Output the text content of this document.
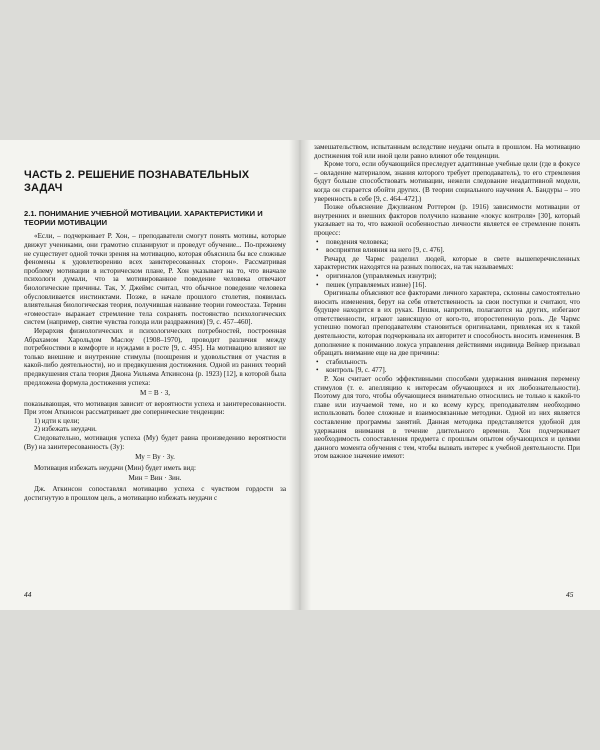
ЧАСТЬ 2. РЕШЕНИЕ ПОЗНАВАТЕЛЬНЫХ ЗАДАЧ
2.1. ПОНИМАНИЕ УЧЕБНОЙ МОТИВАЦИИ. ХАРАКТЕРИСТИКИ И ТЕОРИИ МОТИВАЦИИ

«Если, – подчеркивает Р. Хон, – преподаватели смогут понять мотивы, которые движут учениками, они грамотно спланируют и проведут обучение... По-прежнему не существует одной точки зрения на мотивацию, которая объяснила бы все сложные феномены к удовлетворению всех заинтересованных сторон». Рассматривая проблему мотивации в историческом плане, Р. Хон указывает на то, что вначале психологи думали, что за мотивированное поведение человека отвечают биологические причины. Так, У. Джеймс считал, что обычное поведение человека обусловливается инстинктами. Позже, в начале прошлого столетия, появилась влиятельная биологическая теория, получившая название теории гомеостаза. Термин «гомеостаз» выражает стремление тела сохранять постоянство психологических систем (например, снятие чувства голода или раздражения) [9, с. 457–460].

Иерархия физиологических и психологических потребностей, построенная Абрахамом Харольдом Маслоу (1908–1970), проводит различия между потребностями в комфорте и нуждами в росте [9, с. 495]. На мотивацию влияют не только внешние и внутренние стимулы (поощрения и удовольствия от участия в какой-либо деятельности), но и предвкушения достижения. Одной из ранних теорий предвкушения стала теория Джона Уильяма Аткинсона (р. 1923) [12], в которой была предложена формула достижения успеха:

М = В · З,

показывающая, что мотивация зависит от вероятности успеха и заинтересованности. При этом Аткинсон рассматривает две сопернические тенденции:

1) идти к цели;

2) избежать неудачи.

Следовательно, мотивация успеха (Му) будет равна произведению вероятности (Ву) на заинтересованность (Зу):

Му = Ву · Зу.

Мотивация избежать неудачи (Мин) будет иметь вид:

Мин = Вин · Зин.

Дж. Аткинсон сопоставлял мотивацию успеха с чувством гордости за достигнутую в прошлом цель, а мотивацию избежать неудачи с

44

замешательством, испытанным вследствие неудачи опыта в прошлом. На мотивацию достижения той или иной цели равно влияют обе тенденции.

Кроме того, если обучающийся преследует адаптивные учебные цели (где в фокусе – овладение материалом, знания которого требует преподаватель), то его стремления будут больше способствовать мотивации, нежели следование неадаптивной модели, когда он старается обойти других. (В теории социального научения А. Бандуры – это уверенность в себе [9, с. 464–472].)

Позже объяснение Джулианом Роттером (р. 1916) зависимости мотивации от внутренних и внешних факторов получило название «локус контроля» [30], который указывает на то, что важной особенностью личности является ее стремление понять процесс:

• поведения человека;
• восприятия влияния на него [9, с. 476].

Ричард де Чармс разделил людей, которые в свете вышеперечисленных характеристик находятся на разных полюсах, на так называемых:

• оригиналов (управляемых изнутри);
• пешек (управляемых извне) [16].

Оригиналы объясняют все факторами личного характера, склонны самостоятельно вносить изменения, берут на себя ответственность за свои поступки и считают, что будущее находится в их руках. Пешки, напротив, полагаются на других, избегают ответственности, играют зависящую от кого-то, второстепенную роль. Де Чармс успешно помогал преподавателям становиться оригиналами, привлекая их к такой деятельности, которая подчеркивала их авторитет и способность вносить изменения. В дополнение к пониманию локуса управления действиями индивида Вейнер призывал обращать внимание еще на две причины:

• стабильность
• контроль [9, с. 477].

Р. Хон считает особо эффективными способами удержания внимания перемену стимулов (т. е. апелляцию к интересам обучающихся и их любознательности). Поэтому для того, чтобы обучающиеся внимательно относились не только к какой-то главе или изучаемой теме, но и ко всему курсу, преподавателям необходимо использовать более сложные и взаимосвязанные методики. Одной из них является составление программы занятий. Данная методика представляется удобной для удержания внимания в течение длительного времени. Хон подчеркивает необходимость сопоставления предмета с прошлым опытом обучающихся и целями данного момента обучения с тем, чтобы вызвать интерес к учебной деятельности. При этом важное значение имеют:

45
